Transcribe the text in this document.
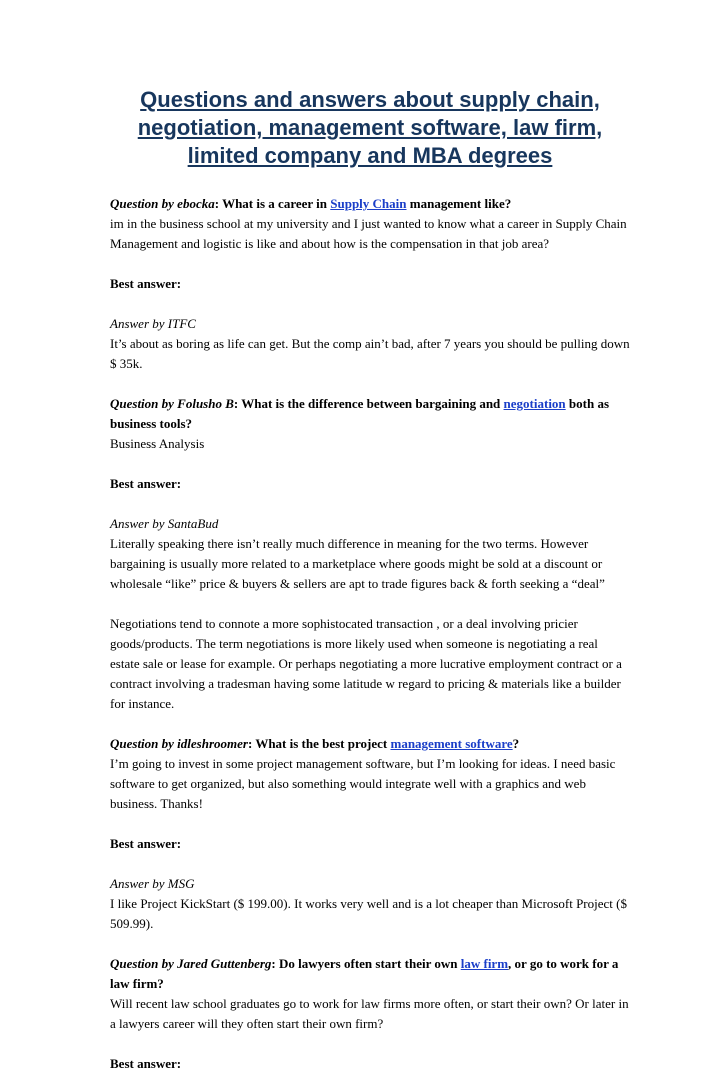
Questions and answers about supply chain,
negotiation, management software, law firm,
limited company and MBA degrees
Question by ebocka: What is a career in Supply Chain management like?
im in the business school at my university and I just wanted to know what a career in Supply Chain Management and logistic is like and about how is the compensation in that job area?
Best answer:
Answer by ITFC
It’s about as boring as life can get. But the comp ain’t bad, after 7 years you should be pulling down $ 35k.
Question by Folusho B: What is the difference between bargaining and negotiation both as business tools?
Business Analysis
Best answer:
Answer by SantaBud
Literally speaking there isn’t really much difference in meaning for the two terms. However bargaining is usually more related to a marketplace where goods might be sold at a discount or wholesale “like” price & buyers & sellers are apt to trade figures back & forth seeking a “deal”
Negotiations tend to connote a more sophistocated transaction , or a deal involving pricier goods/products. The term negotiations is more likely used when someone is negotiating a real estate sale or lease for example. Or perhaps negotiating a more lucrative employment contract or a contract involving a tradesman having some latitude w regard to pricing & materials like a builder for instance.
Question by idleshroomer: What is the best project management software?
I’m going to invest in some project management software, but I’m looking for ideas. I need basic software to get organized, but also something would integrate well with a graphics and web business. Thanks!
Best answer:
Answer by MSG
I like Project KickStart ($ 199.00). It works very well and is a lot cheaper than Microsoft Project ($ 509.99).
Question by Jared Guttenberg: Do lawyers often start their own law firm, or go to work for a law firm?
Will recent law school graduates go to work for law firms more often, or start their own? Or later in a lawyers career will they often start their own firm?
Best answer:
